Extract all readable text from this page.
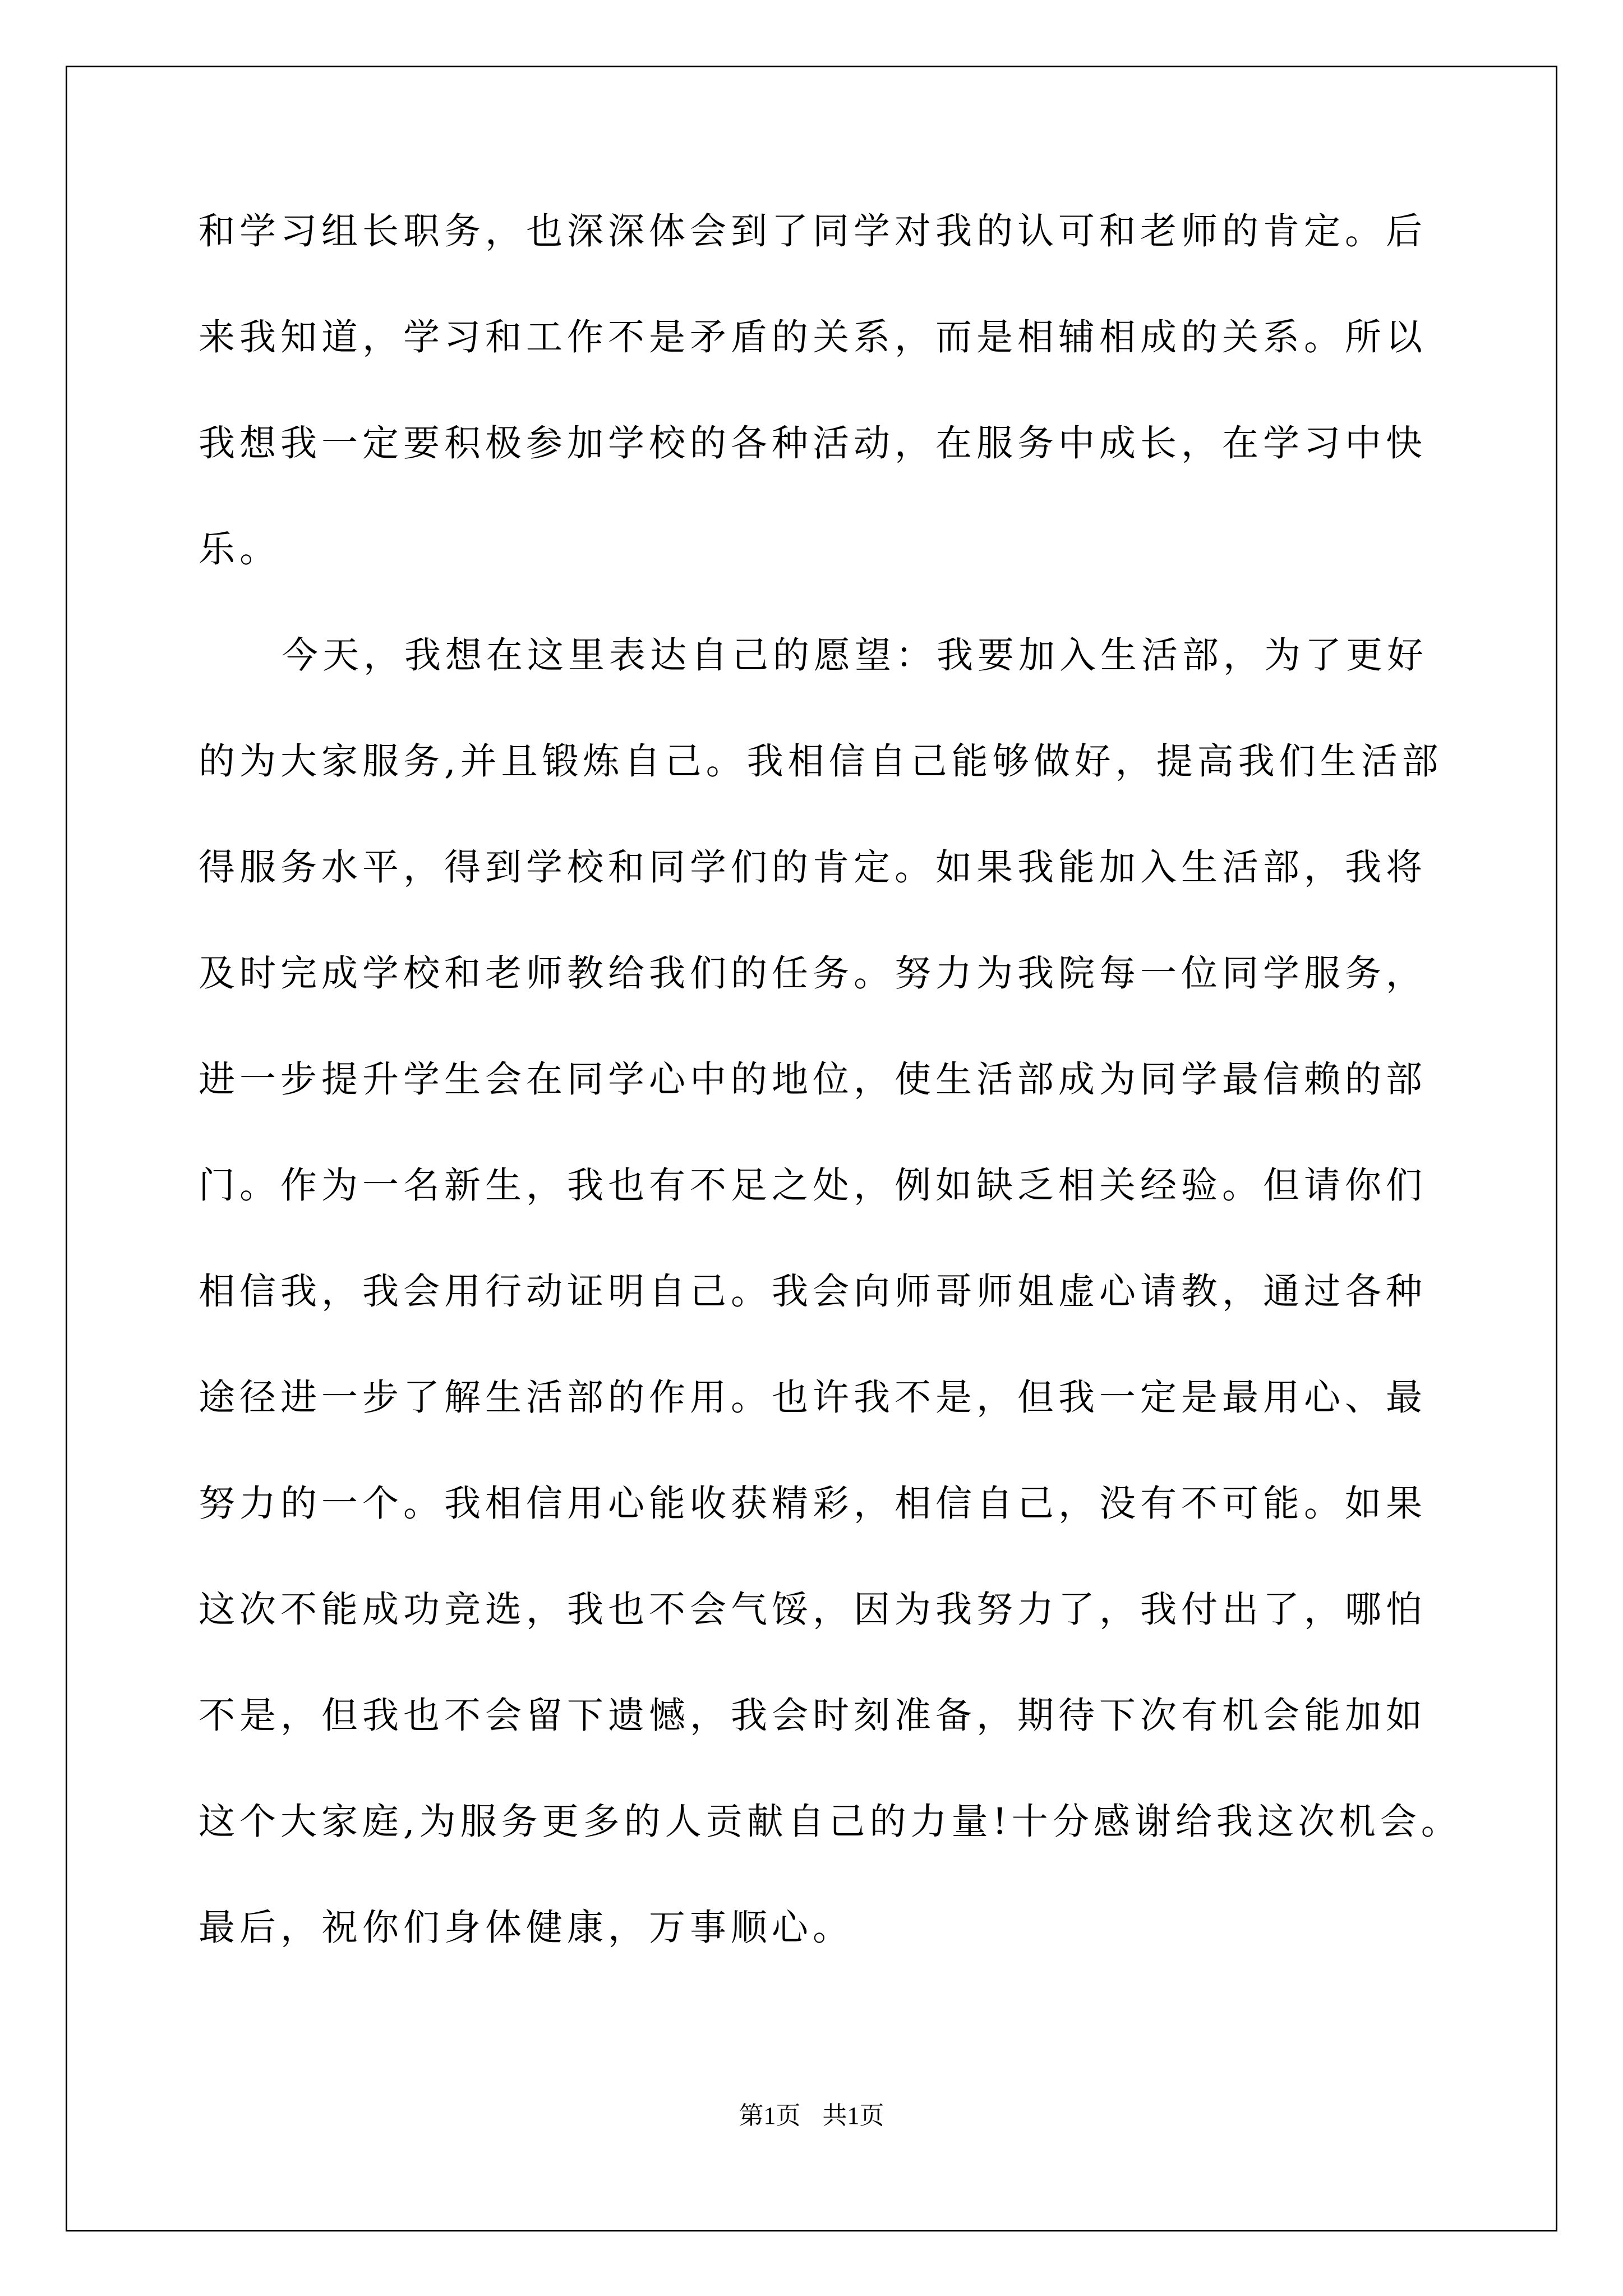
和学习组长职务，也深深体会到了同学对我的认可和老师的肯定。后
来我知道，学习和工作不是矛盾的关系，而是相辅相成的关系。所以
我想我一定要积极参加学校的各种活动，在服务中成长，在学习中快
乐。
今天，我想在这里表达自己的愿望：我要加入生活部，为了更好
的为大家服务,并且锻炼自己。我相信自己能够做好，提高我们生活部
得服务水平，得到学校和同学们的肯定。如果我能加入生活部，我将
及时完成学校和老师教给我们的任务。努力为我院每一位同学服务，
进一步提升学生会在同学心中的地位，使生活部成为同学最信赖的部
门。作为一名新生，我也有不足之处，例如缺乏相关经验。但请你们
相信我，我会用行动证明自己。我会向师哥师姐虚心请教，通过各种
途径进一步了解生活部的作用。也许我不是，但我一定是最用心、最
努力的一个。我相信用心能收获精彩，相信自己，没有不可能。如果
这次不能成功竞选，我也不会气馁，因为我努力了，我付出了，哪怕
不是，但我也不会留下遗憾，我会时刻准备，期待下次有机会能加如
这个大家庭,为服务更多的人贡献自己的力量!十分感谢给我这次机会。
最后，祝你们身体健康，万事顺心。
第1页 共1页
